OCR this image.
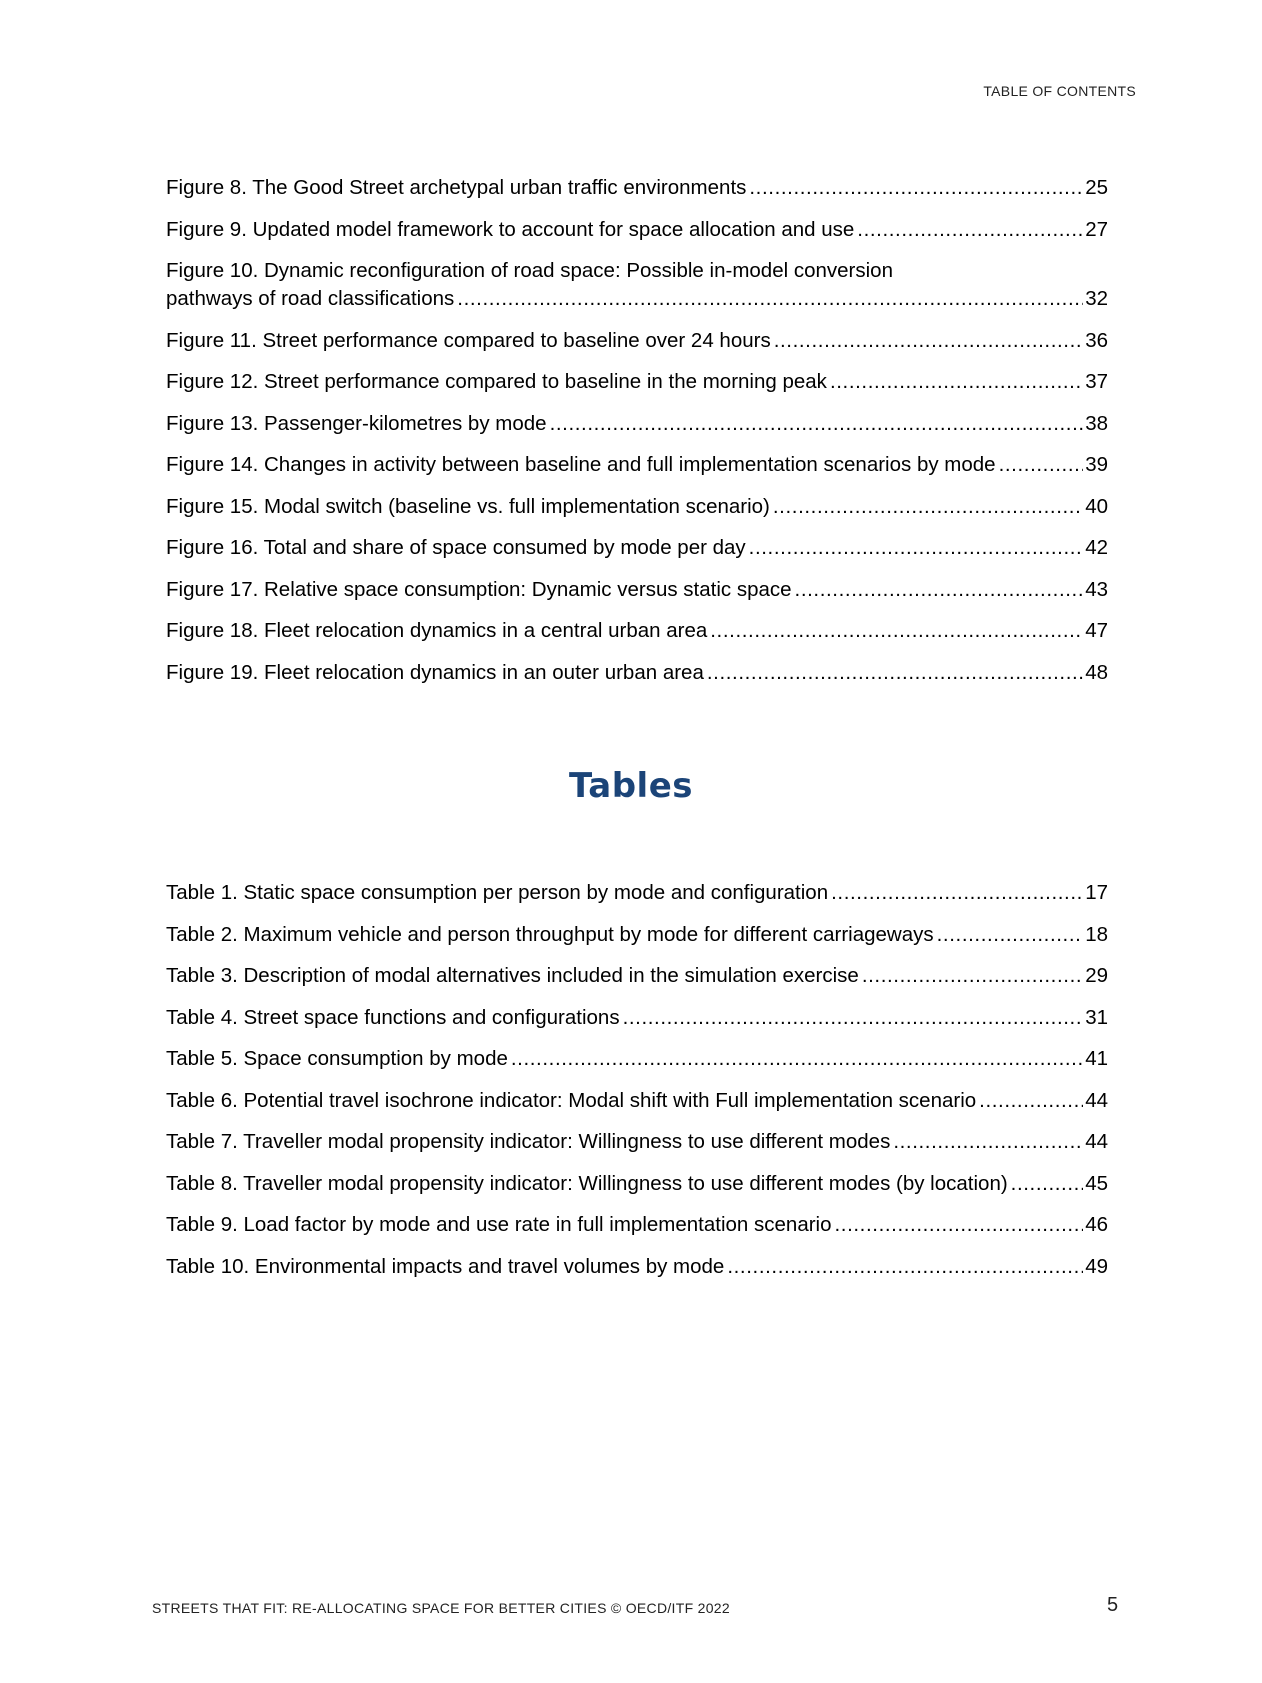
TABLE OF CONTENTS
Figure 8. The Good Street archetypal urban traffic environments .....	25
Figure 9. Updated model framework to account for space allocation and use .....	27
Figure 10. Dynamic reconfiguration of road space: Possible in-model conversion
pathways of road classifications .....	32
Figure 11. Street performance compared to baseline over 24 hours .....	36
Figure 12. Street performance compared to baseline in the morning peak .....	37
Figure 13. Passenger-kilometres by mode .....	38
Figure 14. Changes in activity between baseline and full implementation scenarios by mode .....	39
Figure 15. Modal switch (baseline vs. full implementation scenario) .....	40
Figure 16. Total and share of space consumed by mode per day .....	42
Figure 17. Relative space consumption: Dynamic versus static space .....	43
Figure 18. Fleet relocation dynamics in a central urban area .....	47
Figure 19. Fleet relocation dynamics in an outer urban area .....	48
Tables
Table 1. Static space consumption per person by mode and configuration .....	17
Table 2. Maximum vehicle and person throughput by mode for different carriageways .....	18
Table 3. Description of modal alternatives included in the simulation exercise .....	29
Table 4. Street space functions and configurations .....	31
Table 5. Space consumption by mode .....	41
Table 6. Potential travel isochrone indicator: Modal shift with Full implementation scenario .....	44
Table 7. Traveller modal propensity indicator: Willingness to use different modes .....	44
Table 8. Traveller modal propensity indicator: Willingness to use different modes (by location) .....	45
Table 9. Load factor by mode and use rate in full implementation scenario .....	46
Table 10. Environmental impacts and travel volumes by mode .....	49
STREETS THAT FIT: RE-ALLOCATING SPACE FOR BETTER CITIES © OECD/ITF 2022	5
